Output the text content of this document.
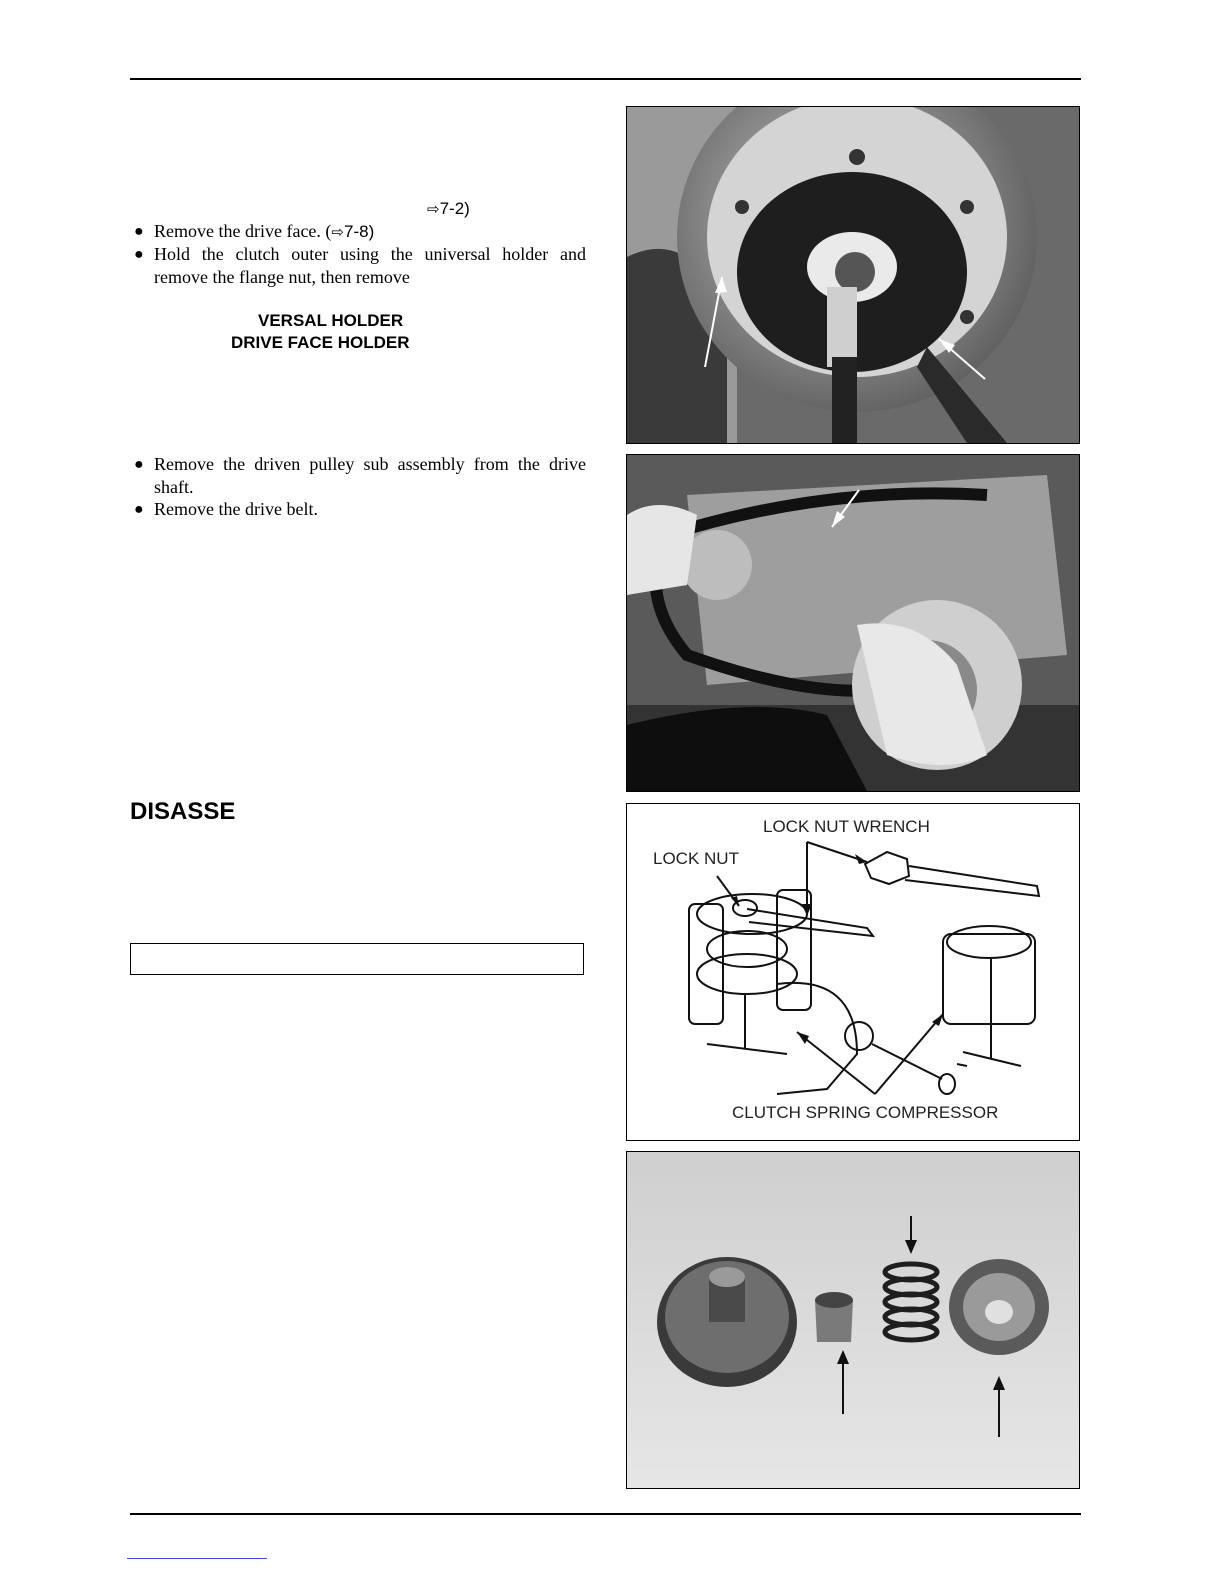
⇨7-2)
● Remove the drive face. (⇨7-8)
● Hold the clutch outer using the universal holder and remove the flange nut, then remove
VERSAL HOLDER
DRIVE FACE HOLDER
● Remove the driven pulley sub assembly from the drive shaft.
● Remove the drive belt.
DISASSE
LOCK NUT WRENCH
LOCK NUT
CLUTCH SPRING COMPRESSOR
